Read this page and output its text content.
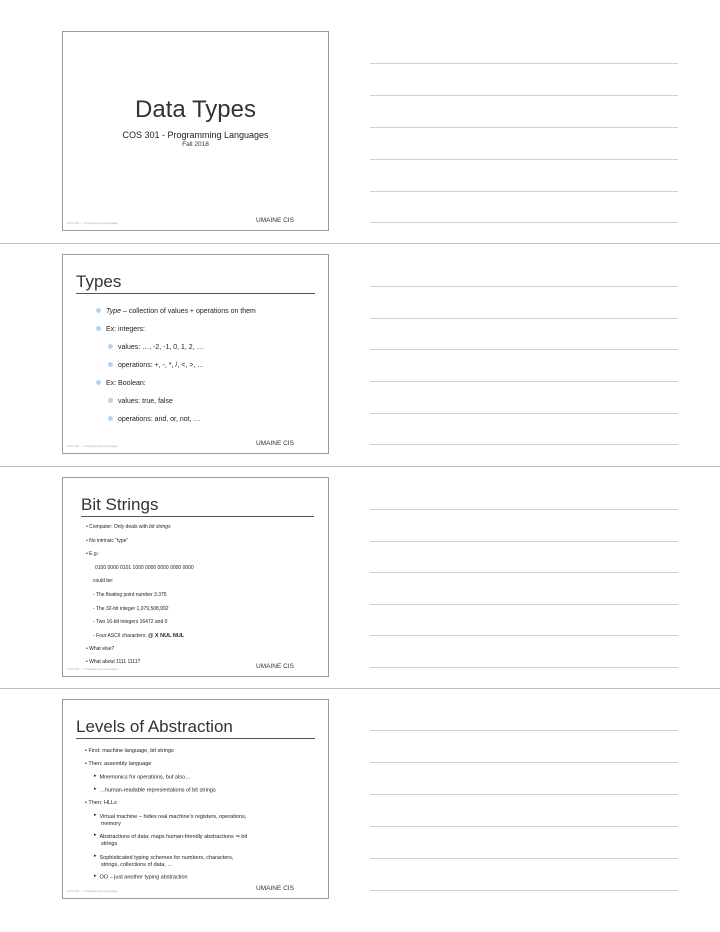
Data Types
COS 301 - Programming Languages
Fall 2018
COS 301 — Programming Languages	UMAINE CIS
Types
Type – collection of values + operations on them
Ex: integers:
values: …, -2, -1, 0, 1, 2, …
operations: +, -, *, /, <, >, …
Ex: Boolean:
values: true, false
operations: and, or, not, …
COS 301 — Programming Languages	UMAINE CIS
Bit Strings
• Computer: Only deals with bit strings
• No intrinsic “type”
• E.g.:
0100 0000 0101 1000 0000 0000 0000 0000
could be:
- The floating point number 3.375
- The 32-bit integer 1,079,508,992
- Two 16-bit integers 16472 and 0
- Four ASCII characters: @ X NUL NUL
• What else?
• What about 1111 1111?
COS 301 — Programming Languages	UMAINE CIS
Levels of Abstraction
• First: machine language, bit strings
• Then: assembly language
▸ Mnemonics for operations, but also…
▸ …human-readable representations of bit strings
• Then: HLLs
▸ Virtual machine – hides real machine’s registers, operations,
memory
▸ Abstractions of data: maps human-friendly abstractions ⇒ bit
strings
▸ Sophisticated typing schemes for numbers, characters,
strings, collections of data, …
▸ OO – just another typing abstraction
COS 301 — Programming Languages	UMAINE CIS
